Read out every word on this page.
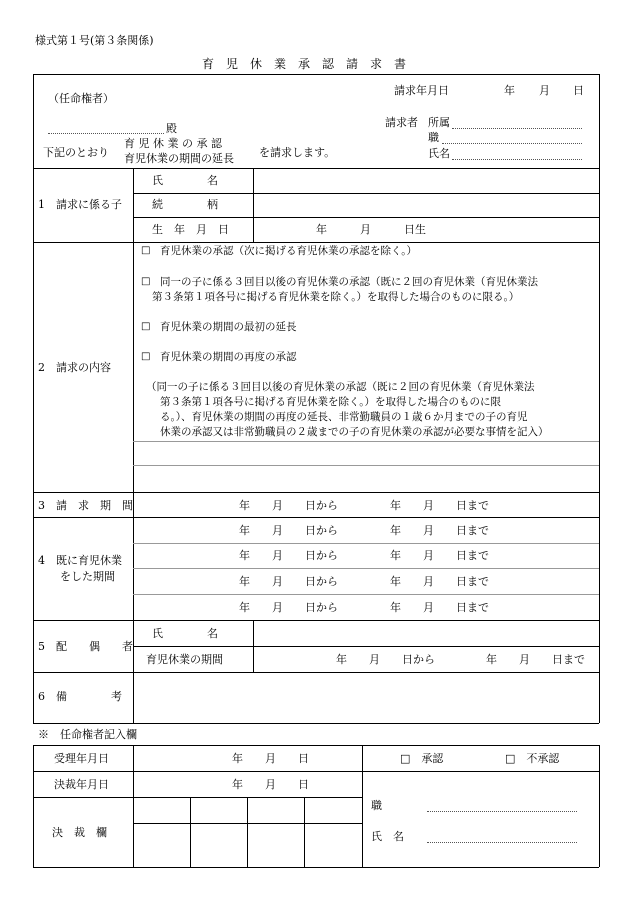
様式第１号(第３条関係)
育　児　休　業　承　認　請　求　書
（任命権者）
請求年月日	年 月 日
殿	請求者 所属
職
氏名
下記のとおり
育 児 休 業 の 承 認
育児休業の期間の延長 を請求します。
1　請求に係る子
氏　　　　名
続　　　　柄
生　年　月　日	年　　　月　　　日生
2　請求の内容
□ 育児休業の承認（次に掲げる育児休業の承認を除く。）
□ 同一の子に係る３回目以後の育児休業の承認（既に２回の育児休業（育児休業法
第３条第１項各号に掲げる育児休業を除く。）を取得した場合のものに限る。）
□ 育児休業の期間の最初の延長
□ 育児休業の期間の再度の承認
（同一の子に係る３回目以後の育児休業の承認（既に２回の育児休業（育児休業法
第３条第１項各号に掲げる育児休業を除く。）を取得した場合のものに限
る。）、育児休業の期間の再度の延長、非常勤職員の１歳６か月までの子の育児
休業の承認又は非常勤職員の２歳までの子の育児休業の承認が必要な事情を記入）
3　請　求　期　間	年　　月　　日から	年　　月　　日まで
4　既に育児休業
をした期間
年　　月　　日から	年　　月　　日まで
年　　月　　日から	年　　月　　日まで
年　　月　　日から	年　　月　　日まで
年　　月　　日から	年　　月　　日まで
5　配　　偶　　者
氏　　　　名
育児休業の期間	年　　月　　日から	年　　月　　日まで
6　備　　　　考
※　任命権者記入欄
受理年月日	年　　月　　日	□　承認	□　不承認
決裁年月日	年　　月　　日
決　裁　欄
職
氏　名
